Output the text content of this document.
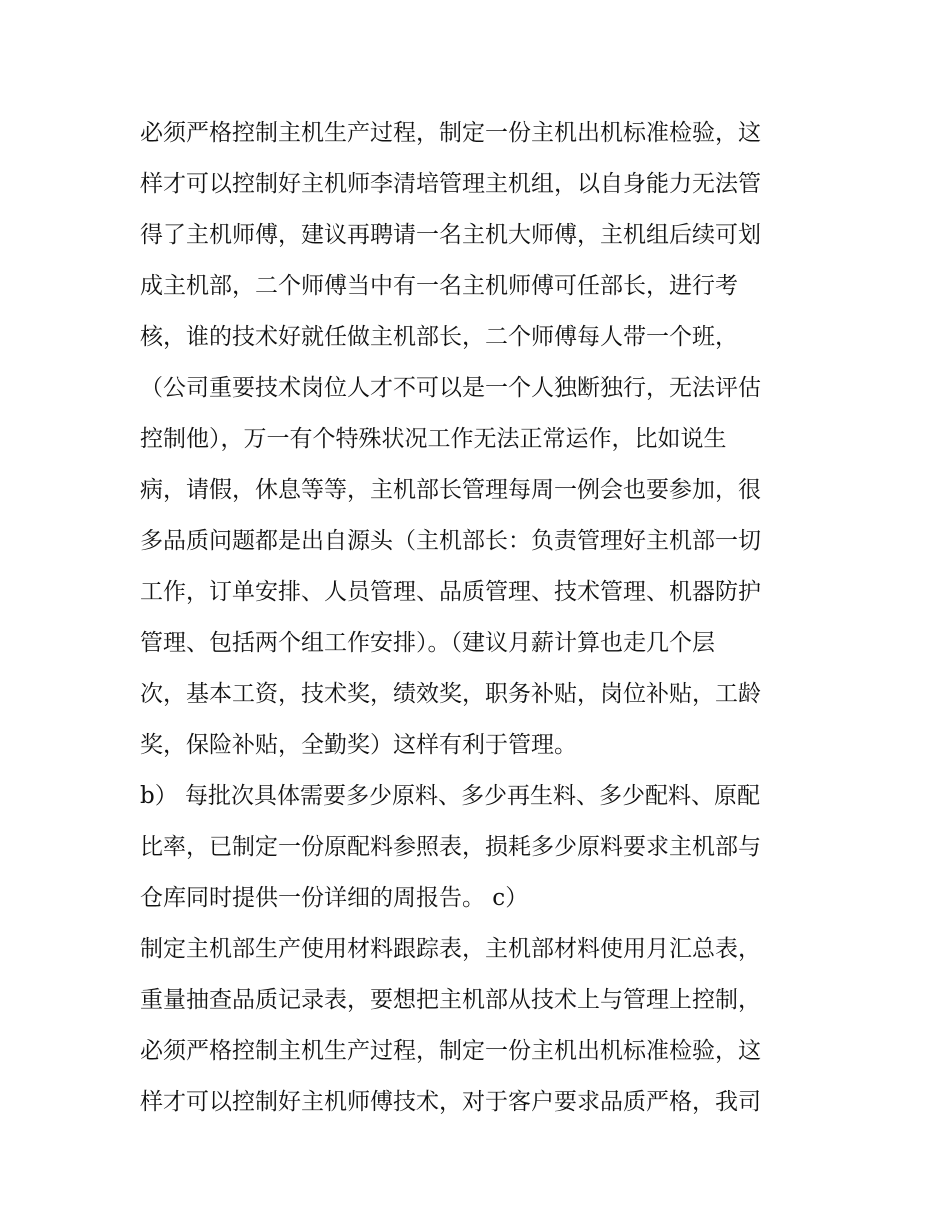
必须严格控制主机生产过程，制定一份主机出机标准检验，这
样才可以控制好主机师李清培管理主机组，以自身能力无法管
得了主机师傅，建议再聘请一名主机大师傅，主机组后续可划
成主机部，二个师傅当中有一名主机师傅可任部长，进行考
核，谁的技术好就任做主机部长，二个师傅每人带一个班，
（公司重要技术岗位人才不可以是一个人独断独行，无法评估
控制他），万一有个特殊状况工作无法正常运作，比如说生
病，请假，休息等等，主机部长管理每周一例会也要参加，很
多品质问题都是出自源头（主机部长：负责管理好主机部一切
工作，订单安排、人员管理、品质管理、技术管理、机器防护
管理、包括两个组工作安排）。（建议月薪计算也走几个层
次，基本工资，技术奖，绩效奖，职务补贴，岗位补贴，工龄
奖，保险补贴，全勤奖）这样有利于管理。
b） 每批次具体需要多少原料、多少再生料、多少配料、原配
比率，已制定一份原配料参照表，损耗多少原料要求主机部与
仓库同时提供一份详细的周报告。 c）
制定主机部生产使用材料跟踪表，主机部材料使用月汇总表，
重量抽查品质记录表，要想把主机部从技术上与管理上控制，
必须严格控制主机生产过程，制定一份主机出机标准检验，这
样才可以控制好主机师傅技术，对于客户要求品质严格，我司
